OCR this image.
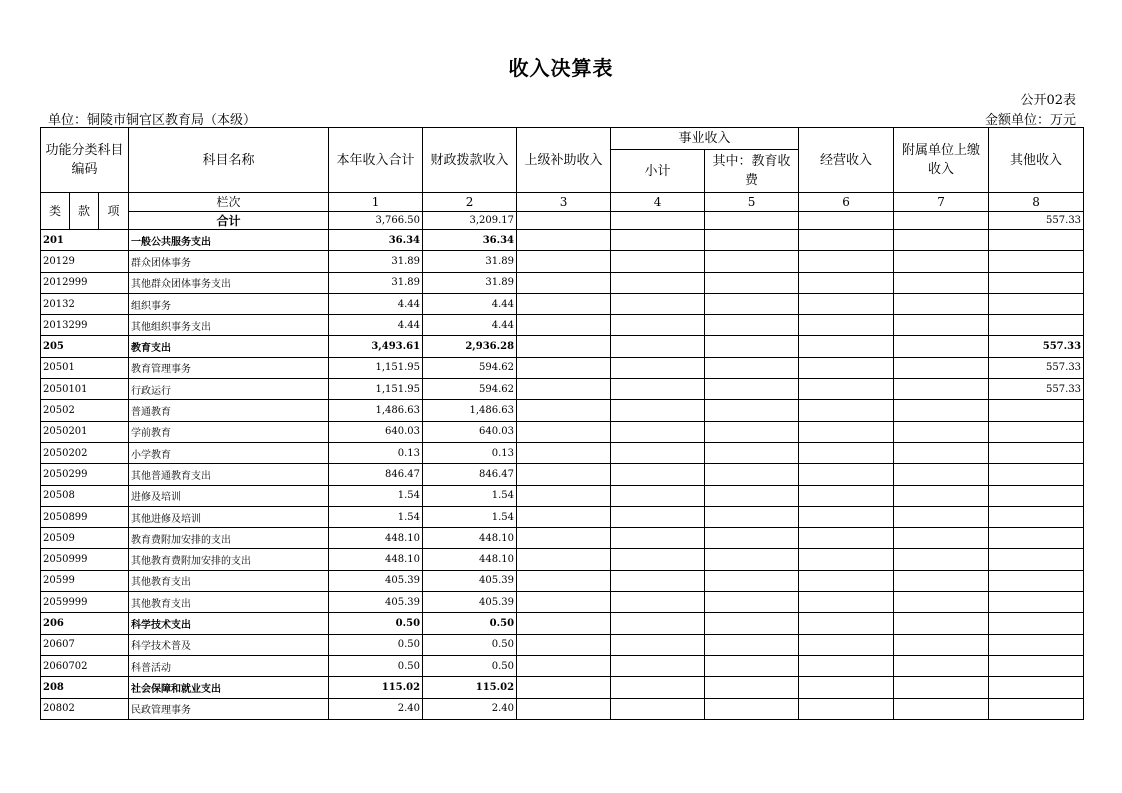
收入决算表
公开02表
单位：铜陵市铜官区教育局（本级）	金额单位：万元
功能分类科目编码			科目名称	本年收入合计	财政拨款收入	上级补助收入	事业收入		经营收入	附属单位上缴收入	其他收入
							小计	其中：教育收费			
类	款	项	栏次	1	2	3	4	5	6	7	8
			合计	3,766.50	3,209.17						557.33
201			一般公共服务支出	36.34	36.34						
20129			群众团体事务	31.89	31.89						
2012999			其他群众团体事务支出	31.89	31.89						
20132			组织事务	4.44	4.44						
2013299			其他组织事务支出	4.44	4.44						
205			教育支出	3,493.61	2,936.28						557.33
20501			教育管理事务	1,151.95	594.62						557.33
2050101			行政运行	1,151.95	594.62						557.33
20502			普通教育	1,486.63	1,486.63						
2050201			学前教育	640.03	640.03						
2050202			小学教育	0.13	0.13						
2050299			其他普通教育支出	846.47	846.47						
20508			进修及培训	1.54	1.54						
2050899			其他进修及培训	1.54	1.54						
20509			教育费附加安排的支出	448.10	448.10						
2050999			其他教育费附加安排的支出	448.10	448.10						
20599			其他教育支出	405.39	405.39						
2059999			其他教育支出	405.39	405.39						
206			科学技术支出	0.50	0.50						
20607			科学技术普及	0.50	0.50						
2060702			科普活动	0.50	0.50						
208			社会保障和就业支出	115.02	115.02						
20802			民政管理事务	2.40	2.40						
